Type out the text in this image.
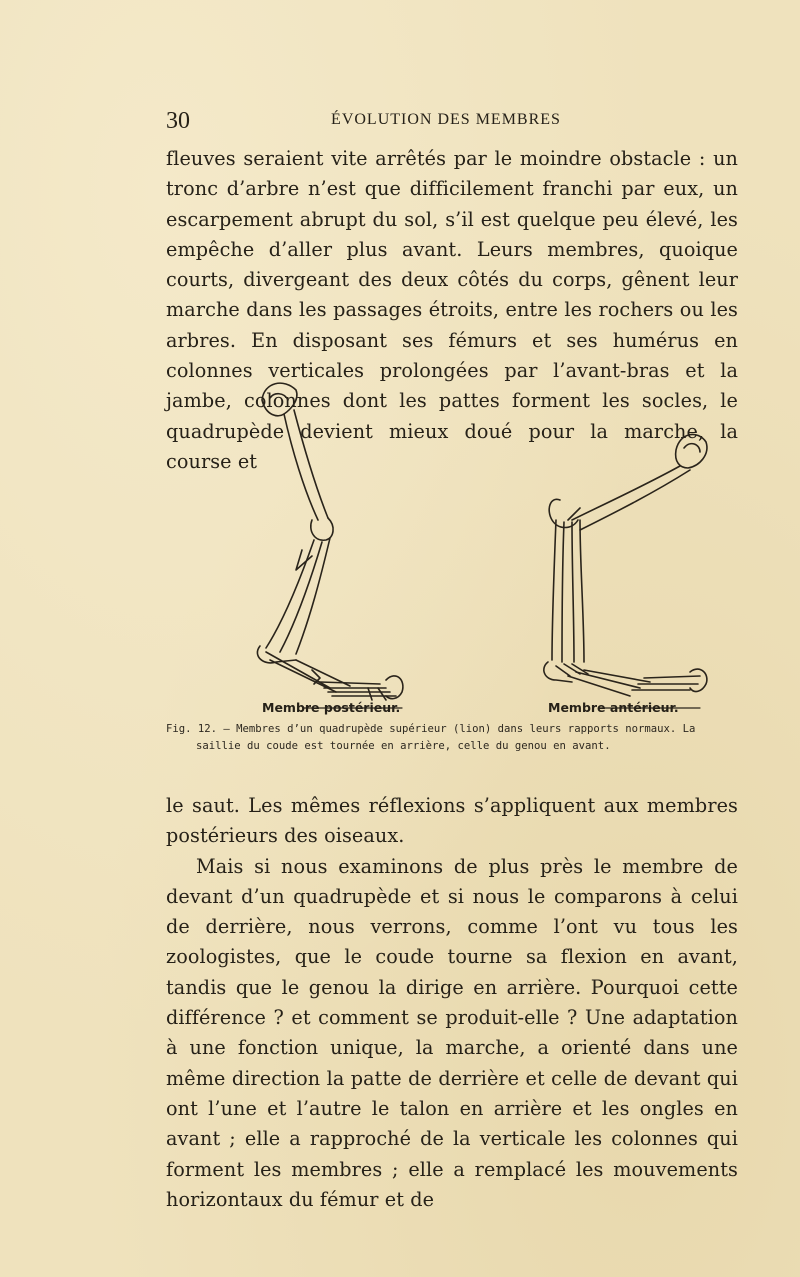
30	ÉVOLUTION DES MEMBRES
fleuves seraient vite arrêtés par le moindre obstacle : un tronc d’arbre n’est que difficilement franchi par eux, un escarpement abrupt du sol, s’il est quelque peu élevé, les empêche d’aller plus avant. Leurs membres, quoique courts, divergeant des deux côtés du corps, gênent leur marche dans les passages étroits, entre les rochers ou les arbres. En disposant ses fémurs et ses humérus en colonnes verticales prolongées par l’avant-bras et la jambe, colonnes dont les pattes forment les socles, le quadrupède devient mieux doué pour la marche, la course et
Membre postérieur.	Membre antérieur.
Fig. 12. — Membres d’un quadrupède supérieur (lion) dans leurs rapports normaux. La
saillie du coude est tournée en arrière, celle du genou en avant.
le saut. Les mêmes réflexions s’appliquent aux membres postérieurs des oiseaux.
Mais si nous examinons de plus près le membre de devant d’un quadrupède et si nous le comparons à celui de derrière, nous verrons, comme l’ont vu tous les zoologistes, que le coude tourne sa flexion en avant, tandis que le genou la dirige en arrière. Pourquoi cette différence ? et comment se produit-elle ? Une adaptation à une fonction unique, la marche, a orienté dans une même direction la patte de derrière et celle de devant qui ont l’une et l’autre le talon en arrière et les ongles en avant ; elle a rapproché de la verticale les colonnes qui forment les membres ; elle a remplacé les mouvements horizontaux du fémur et de
